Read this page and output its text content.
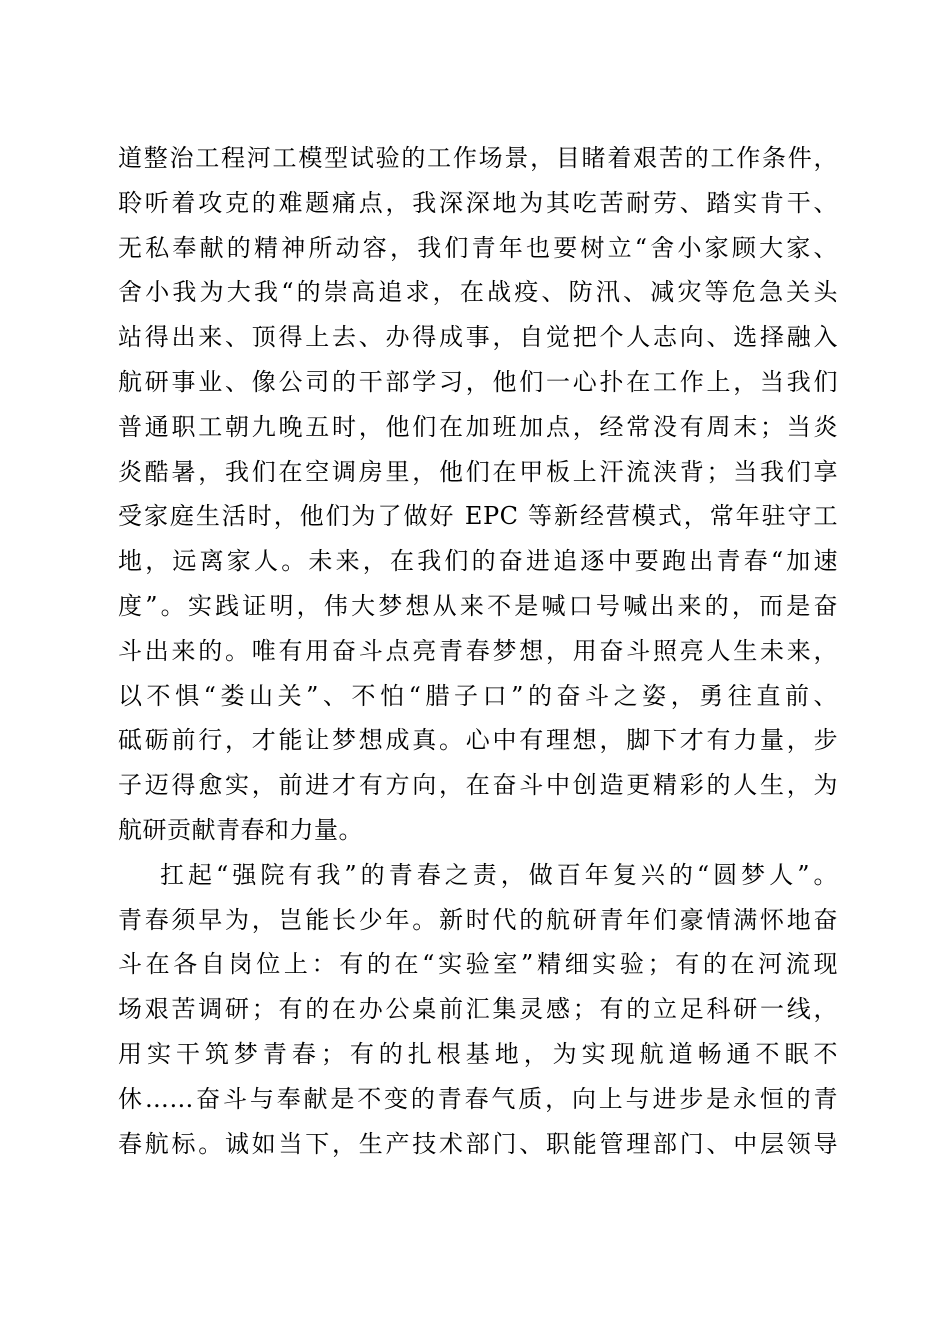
道整治工程河工模型试验的工作场景，目睹着艰苦的工作条件，
聆听着攻克的难题痛点，我深深地为其吃苦耐劳、踏实肯干、
无私奉献的精神所动容，我们青年也要树立“舍小家顾大家、
舍小我为大我“的崇高追求，在战疫、防汛、减灾等危急关头
站得出来、顶得上去、办得成事，自觉把个人志向、选择融入
航研事业、像公司的干部学习，他们一心扑在工作上，当我们
普通职工朝九晚五时，他们在加班加点，经常没有周末；当炎
炎酷暑，我们在空调房里，他们在甲板上汗流浃背；当我们享
受家庭生活时，他们为了做好 EPC 等新经营模式，常年驻守工
地，远离家人。未来，在我们的奋进追逐中要跑出青春“加速
度”。实践证明，伟大梦想从来不是喊口号喊出来的，而是奋
斗出来的。唯有用奋斗点亮青春梦想，用奋斗照亮人生未来，
以不惧“娄山关”、不怕“腊子口”的奋斗之姿，勇往直前、
砥砺前行，才能让梦想成真。心中有理想，脚下才有力量，步
子迈得愈实，前进才有方向，在奋斗中创造更精彩的人生，为
航研贡献青春和力量。
扛起“强院有我”的青春之责，做百年复兴的“圆梦人”。
青春须早为，岂能长少年。新时代的航研青年们豪情满怀地奋
斗在各自岗位上：有的在“实验室”精细实验；有的在河流现
场艰苦调研；有的在办公桌前汇集灵感；有的立足科研一线，
用实干筑梦青春；有的扎根基地，为实现航道畅通不眠不
休……奋斗与奉献是不变的青春气质，向上与进步是永恒的青
春航标。诚如当下，生产技术部门、职能管理部门、中层领导
